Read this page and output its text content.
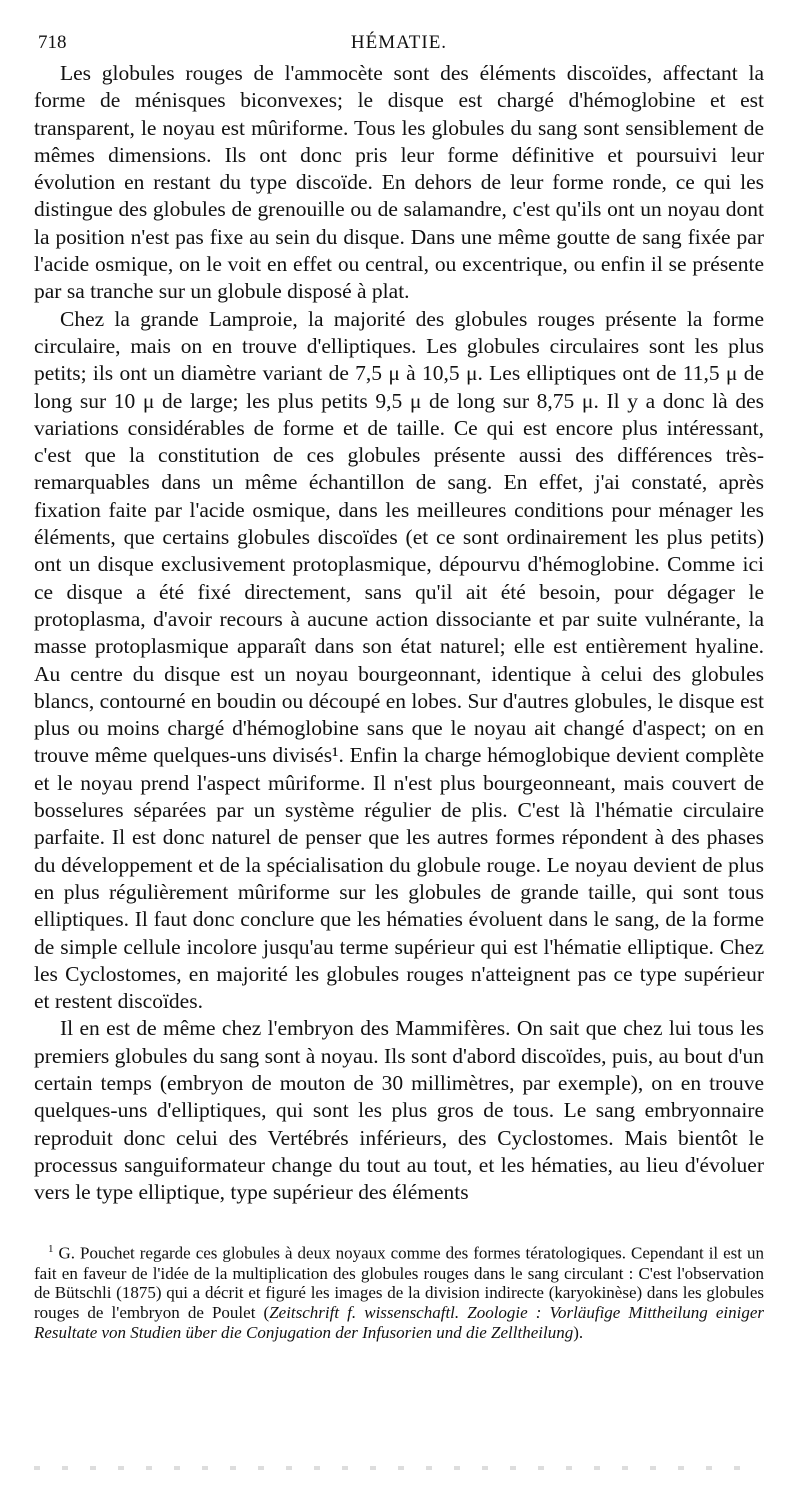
718	HÉMATIE.

Les globules rouges de l'ammocète sont des éléments discoïdes, affectant la forme de ménisques biconvexes; le disque est chargé d'hémoglobine et est transparent, le noyau est mûriforme. Tous les globules du sang sont sensiblement de mêmes dimensions. Ils ont donc pris leur forme définitive et poursuivi leur évolution en restant du type discoïde. En dehors de leur forme ronde, ce qui les distingue des globules de grenouille ou de salamandre, c'est qu'ils ont un noyau dont la position n'est pas fixe au sein du disque. Dans une même goutte de sang fixée par l'acide osmique, on le voit en effet ou central, ou excentrique, ou enfin il se présente par sa tranche sur un globule disposé à plat.

Chez la grande Lamproie, la majorité des globules rouges présente la forme circulaire, mais on en trouve d'elliptiques. Les globules circulaires sont les plus petits; ils ont un diamètre variant de 7,5 μ à 10,5 μ. Les elliptiques ont de 11,5 μ de long sur 10 μ de large; les plus petits 9,5 μ de long sur 8,75 μ. Il y a donc là des variations considérables de forme et de taille. Ce qui est encore plus intéressant, c'est que la constitution de ces globules présente aussi des différences très-remarquables dans un même échantillon de sang. En effet, j'ai constaté, après fixation faite par l'acide osmique, dans les meilleures conditions pour ménager les éléments, que certains globules discoïdes (et ce sont ordinairement les plus petits) ont un disque exclusivement protoplasmique, dépourvu d'hémoglobine. Comme ici ce disque a été fixé directement, sans qu'il ait été besoin, pour dégager le protoplasma, d'avoir recours à aucune action dissociante et par suite vulnérante, la masse protoplasmique apparaît dans son état naturel; elle est entièrement hyaline. Au centre du disque est un noyau bourgeonnant, identique à celui des globules blancs, contourné en boudin ou découpé en lobes. Sur d'autres globules, le disque est plus ou moins chargé d'hémoglobine sans que le noyau ait changé d'aspect; on en trouve même quelques-uns divisés¹. Enfin la charge hémoglobique devient complète et le noyau prend l'aspect mûriforme. Il n'est plus bourgeonneant, mais couvert de bosselures séparées par un système régulier de plis. C'est là l'hématie circulaire parfaite. Il est donc naturel de penser que les autres formes répondent à des phases du développement et de la spécialisation du globule rouge. Le noyau devient de plus en plus régulièrement mûriforme sur les globules de grande taille, qui sont tous elliptiques. Il faut donc conclure que les hématies évoluent dans le sang, de la forme de simple cellule incolore jusqu'au terme supérieur qui est l'hématie elliptique. Chez les Cyclostomes, en majorité les globules rouges n'atteignent pas ce type supérieur et restent discoïdes.

Il en est de même chez l'embryon des Mammifères. On sait que chez lui tous les premiers globules du sang sont à noyau. Ils sont d'abord discoïdes, puis, au bout d'un certain temps (embryon de mouton de 30 millimètres, par exemple), on en trouve quelques-uns d'elliptiques, qui sont les plus gros de tous. Le sang embryonnaire reproduit donc celui des Vertébrés inférieurs, des Cyclostomes. Mais bientôt le processus sanguiformateur change du tout au tout, et les hématies, au lieu d'évoluer vers le type elliptique, type supérieur des éléments

$^1$ G. Pouchet regarde ces globules à deux noyaux comme des formes tératologiques. Cependant il est un fait en faveur de l'idée de la multiplication des globules rouges dans le sang circulant : C'est l'observation de Bütschli (1875) qui a décrit et figuré les images de la division indirecte (karyokinèse) dans les globules rouges de l'embryon de Poulet (Zeitschrift f. wissenschaftl. Zoologie : Vorläufige Mittheilung einiger Resultate von Studien über die Conjugation der Infusorien und die Zelltheilung).
